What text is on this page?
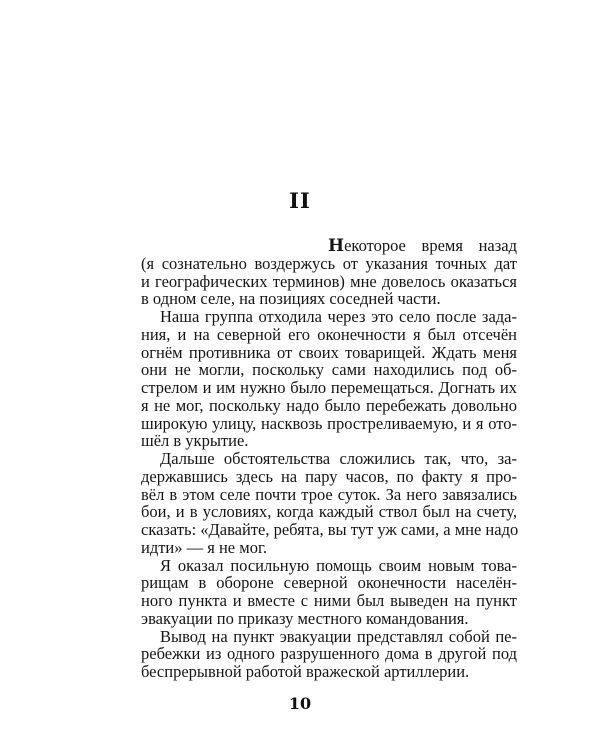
II
Некоторое время назад
(я сознательно воздержусь от указания точных дат
и географических терминов) мне довелось оказаться
в одном селе, на позициях соседней части.
Наша группа отходила через это село после зада-
ния, и на северной его оконечности я был отсечён
огнём противника от своих товарищей. Ждать меня
они не могли, поскольку сами находились под об-
стрелом и им нужно было перемещаться. Догнать их
я не мог, поскольку надо было перебежать довольно
широкую улицу, насквозь простреливаемую, и я ото-
шёл в укрытие.
Дальше обстоятельства сложились так, что, за-
державшись здесь на пару часов, по факту я про-
вёл в этом селе почти трое суток. За него завязались
бои, и в условиях, когда каждый ствол был на счету,
сказать: «Давайте, ребята, вы тут уж сами, а мне надо
идти» — я не мог.
Я оказал посильную помощь своим новым това-
рищам в обороне северной оконечности населён-
ного пункта и вместе с ними был выведен на пункт
эвакуации по приказу местного командования.
Вывод на пункт эвакуации представлял собой пе-
ребежки из одного разрушенного дома в другой под
беспрерывной работой вражеской артиллерии.
10
